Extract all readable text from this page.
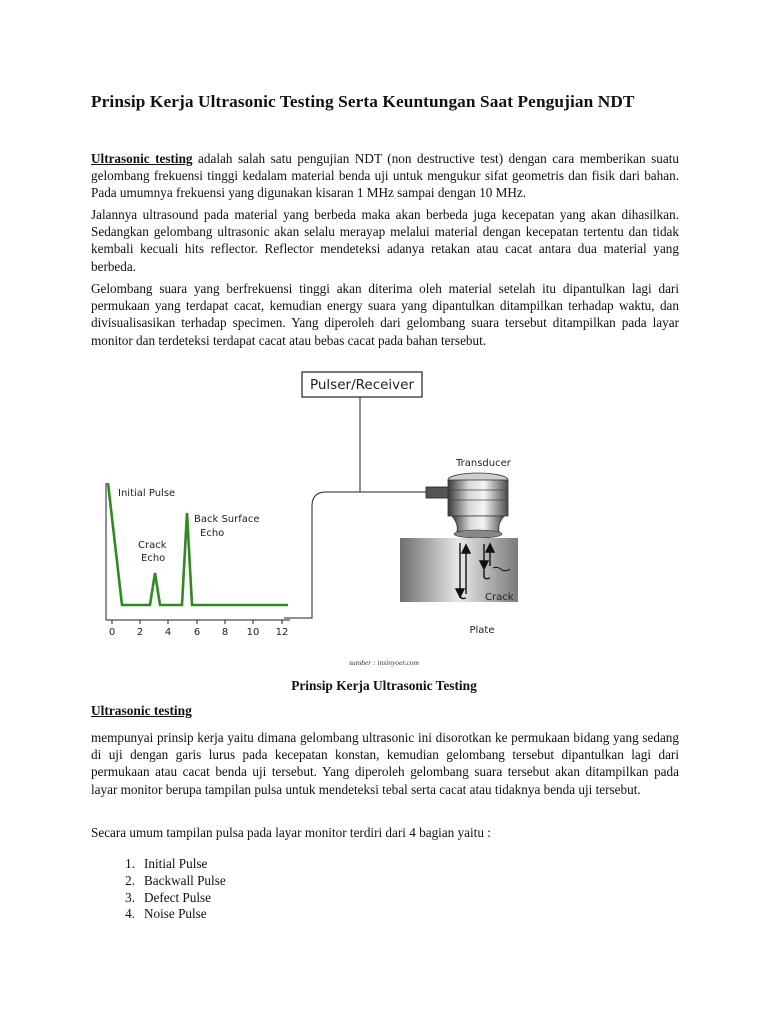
Prinsip Kerja Ultrasonic Testing Serta Keuntungan Saat Pengujian NDT

Ultrasonic testing adalah salah satu pengujian NDT (non destructive test) dengan cara memberikan suatu gelombang frekuensi tinggi kedalam material benda uji untuk mengukur sifat geometris dan fisik dari bahan. Pada umumnya frekuensi yang digunakan kisaran 1 MHz sampai dengan 10 MHz.

Jalannya ultrasound pada material yang berbeda maka akan berbeda juga kecepatan yang akan dihasilkan. Sedangkan gelombang ultrasonic akan selalu merayap melalui material dengan kecepatan tertentu dan tidak kembali kecuali hits reflector. Reflector mendeteksi adanya retakan atau cacat antara dua material yang berbeda.

Gelombang suara yang berfrekuensi tinggi akan diterima oleh material setelah itu dipantulkan lagi dari permukaan yang terdapat cacat, kemudian energy suara yang dipantulkan ditampilkan terhadap waktu, dan divisualisasikan terhadap specimen. Yang diperoleh dari gelombang suara tersebut ditampilkan pada layar monitor dan terdeteksi terdapat cacat atau bebas cacat pada bahan tersebut.

Pulser/Receiver
Transducer
Crack
Plate
Initial Pulse
Back Surface
Echo
Crack
Echo
0 2 4 6 8 10 12
sumber : insinyoer.com
Prinsip Kerja Ultrasonic Testing
Ultrasonic testing

mempunyai prinsip kerja yaitu dimana gelombang ultrasonic ini disorotkan ke permukaan bidang yang sedang di uji dengan garis lurus pada kecepatan konstan, kemudian gelombang tersebut dipantulkan lagi dari permukaan atau cacat benda uji tersebut. Yang diperoleh gelombang suara tersebut akan ditampilkan pada layar monitor berupa tampilan pulsa untuk mendeteksi tebal serta cacat atau tidaknya benda uji tersebut.

Secara umum tampilan pulsa pada layar monitor terdiri dari 4 bagian yaitu :

1. Initial Pulse
2. Backwall Pulse
3. Defect Pulse
4. Noise Pulse
